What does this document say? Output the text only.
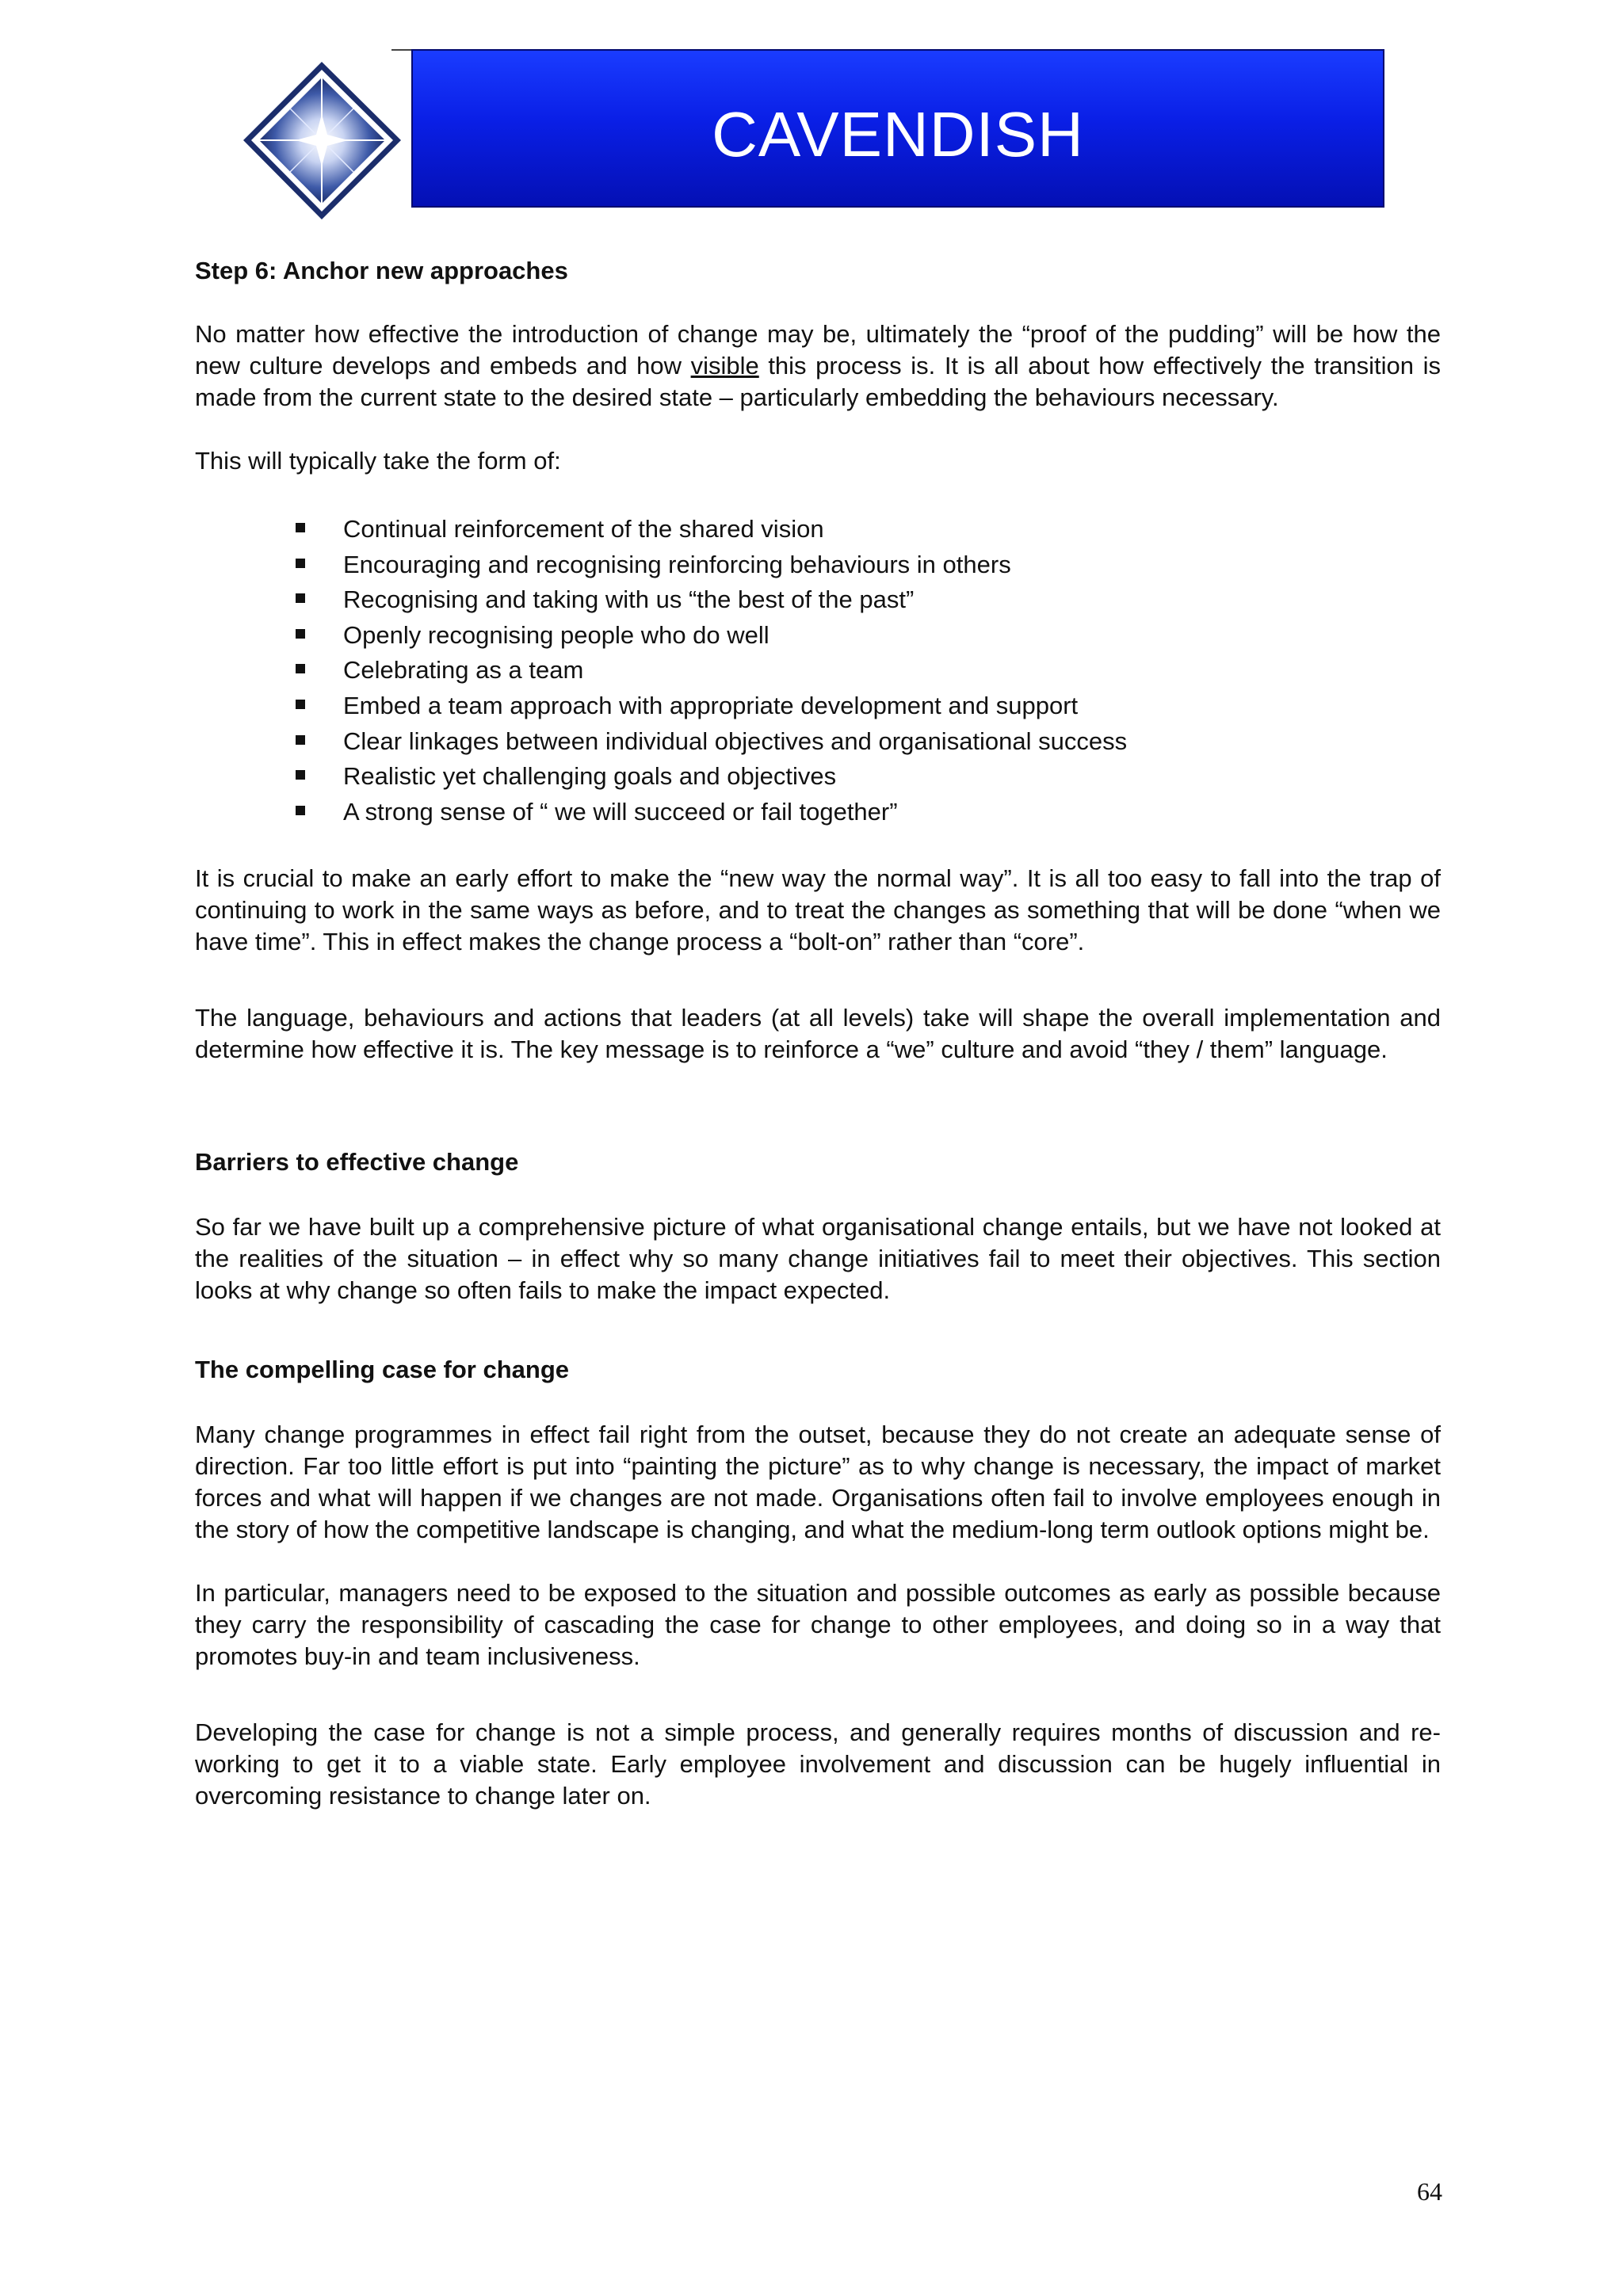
CAVENDISH

Step 6: Anchor new approaches

No matter how effective the introduction of change may be, ultimately the “proof of the pudding” will be how the new culture develops and embeds and how visible this process is. It is all about how effectively the transition is made from the current state to the desired state – particularly embedding the behaviours necessary.

This will typically take the form of:

Continual reinforcement of the shared vision
Encouraging and recognising reinforcing behaviours in others
Recognising and taking with us “the best of the past”
Openly recognising people who do well
Celebrating as a team
Embed a team approach with appropriate development and support
Clear linkages between individual objectives and organisational success
Realistic yet challenging goals and objectives
A strong sense of “ we will succeed or fail together”

It is crucial to make an early effort to make the “new way the normal way”. It is all too easy to fall into the trap of continuing to work in the same ways as before, and to treat the changes as something that will be done “when we have time”. This in effect makes the change process a “bolt-on” rather than “core”.

The language, behaviours and actions that leaders (at all levels) take will shape the overall implementation and determine how effective it is. The key message is to reinforce a “we” culture and avoid “they / them” language.

Barriers to effective change

So far we have built up a comprehensive picture of what organisational change entails, but we have not looked at the realities of the situation – in effect why so many change initiatives fail to meet their objectives. This section looks at why change so often fails to make the impact expected.

The compelling case for change

Many change programmes in effect fail right from the outset, because they do not create an adequate sense of direction. Far too little effort is put into “painting the picture” as to why change is necessary, the impact of market forces and what will happen if we changes are not made. Organisations often fail to involve employees enough in the story of how the competitive landscape is changing, and what the medium-long term outlook options might be.

In particular, managers need to be exposed to the situation and possible outcomes as early as possible because they carry the responsibility of cascading the case for change to other employees, and doing so in a way that promotes buy-in and team inclusiveness.

Developing the case for change is not a simple process, and generally requires months of discussion and re-working to get it to a viable state. Early employee involvement and discussion can be hugely influential in overcoming resistance to change later on.

64
